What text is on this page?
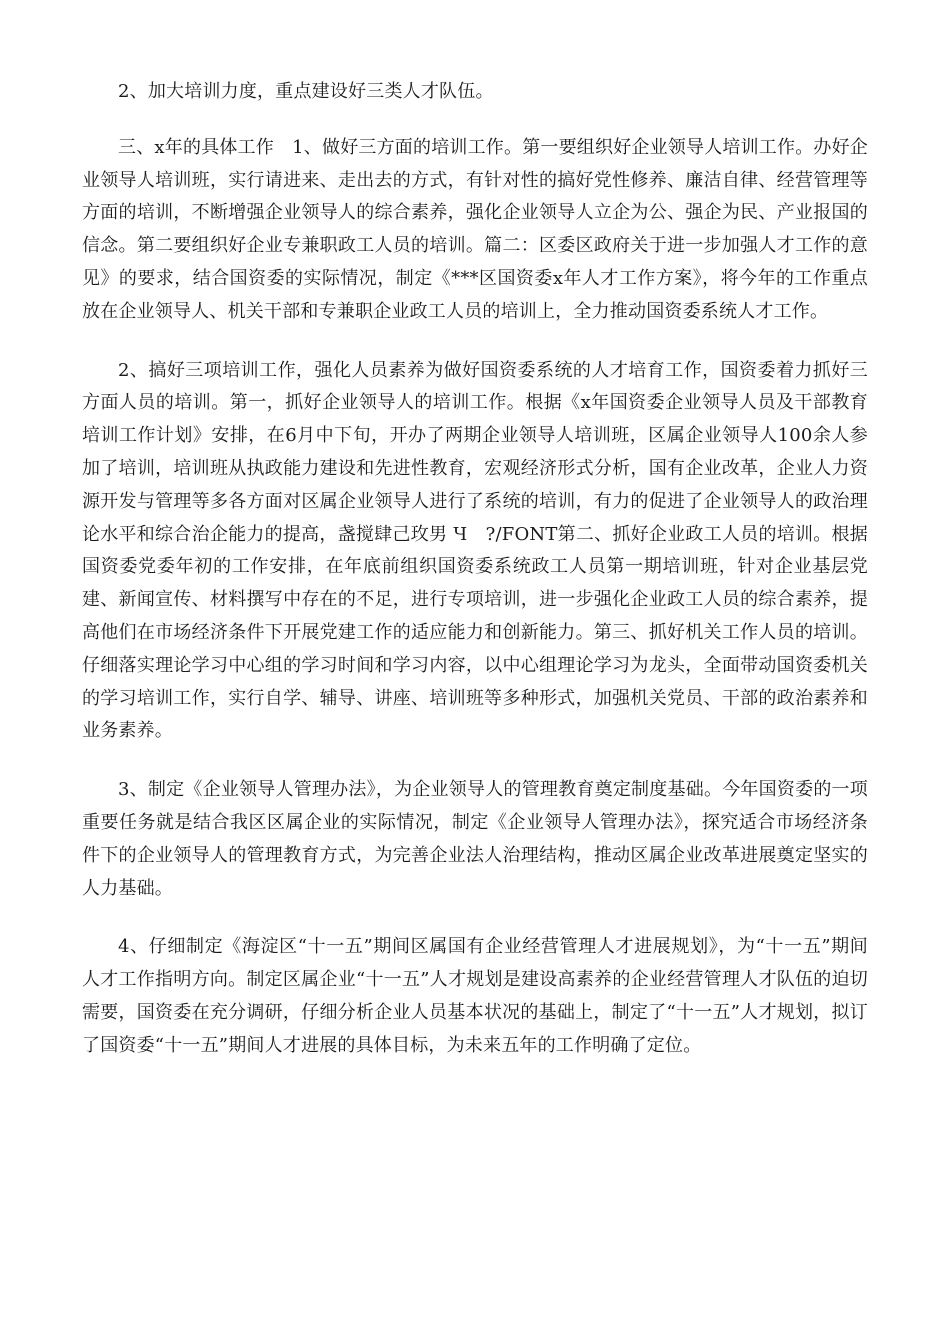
2、加大培训力度，重点建设好三类人才队伍。

三、x年的具体工作　1、做好三方面的培训工作。第一要组织好企业领导人培训工作。办好企业领导人培训班，实行请进来、走出去的方式，有针对性的搞好党性修养、廉洁自律、经营管理等方面的培训，不断增强企业领导人的综合素养，强化企业领导人立企为公、强企为民、产业报国的信念。第二要组织好企业专兼职政工人员的培训。篇二：区委区政府关于进一步加强人才工作的意见》的要求，结合国资委的实际情况，制定《***区国资委x年人才工作方案》，将今年的工作重点放在企业领导人、机关干部和专兼职企业政工人员的培训上，全力推动国资委系统人才工作。

2、搞好三项培训工作，强化人员素养为做好国资委系统的人才培育工作，国资委着力抓好三方面人员的培训。第一，抓好企业领导人的培训工作。根据《x年国资委企业领导人员及干部教育培训工作计划》安排，在6月中下旬，开办了两期企业领导人培训班，区属企业领导人100余人参加了培训，培训班从执政能力建设和先进性教育，宏观经济形式分析，国有企业改革，企业人力资源开发与管理等多各方面对区属企业领导人进行了系统的培训，有力的促进了企业领导人的政治理论水平和综合治企能力的提高，盏搅肆己玫男 Ч　?/FONT第二、抓好企业政工人员的培训。根据国资委党委年初的工作安排，在年底前组织国资委系统政工人员第一期培训班，针对企业基层党建、新闻宣传、材料撰写中存在的不足，进行专项培训，进一步强化企业政工人员的综合素养，提高他们在市场经济条件下开展党建工作的适应能力和创新能力。第三、抓好机关工作人员的培训。仔细落实理论学习中心组的学习时间和学习内容，以中心组理论学习为龙头，全面带动国资委机关的学习培训工作，实行自学、辅导、讲座、培训班等多种形式，加强机关党员、干部的政治素养和业务素养。

3、制定《企业领导人管理办法》，为企业领导人的管理教育奠定制度基础。今年国资委的一项重要任务就是结合我区区属企业的实际情况，制定《企业领导人管理办法》，探究适合市场经济条件下的企业领导人的管理教育方式，为完善企业法人治理结构，推动区属企业改革进展奠定坚实的人力基础。

4、仔细制定《海淀区“十一五”期间区属国有企业经营管理人才进展规划》，为“十一五”期间人才工作指明方向。制定区属企业“十一五”人才规划是建设高素养的企业经营管理人才队伍的迫切需要，国资委在充分调研，仔细分析企业人员基本状况的基础上，制定了“十一五”人才规划，拟订了国资委“十一五”期间人才进展的具体目标，为未来五年的工作明确了定位。
